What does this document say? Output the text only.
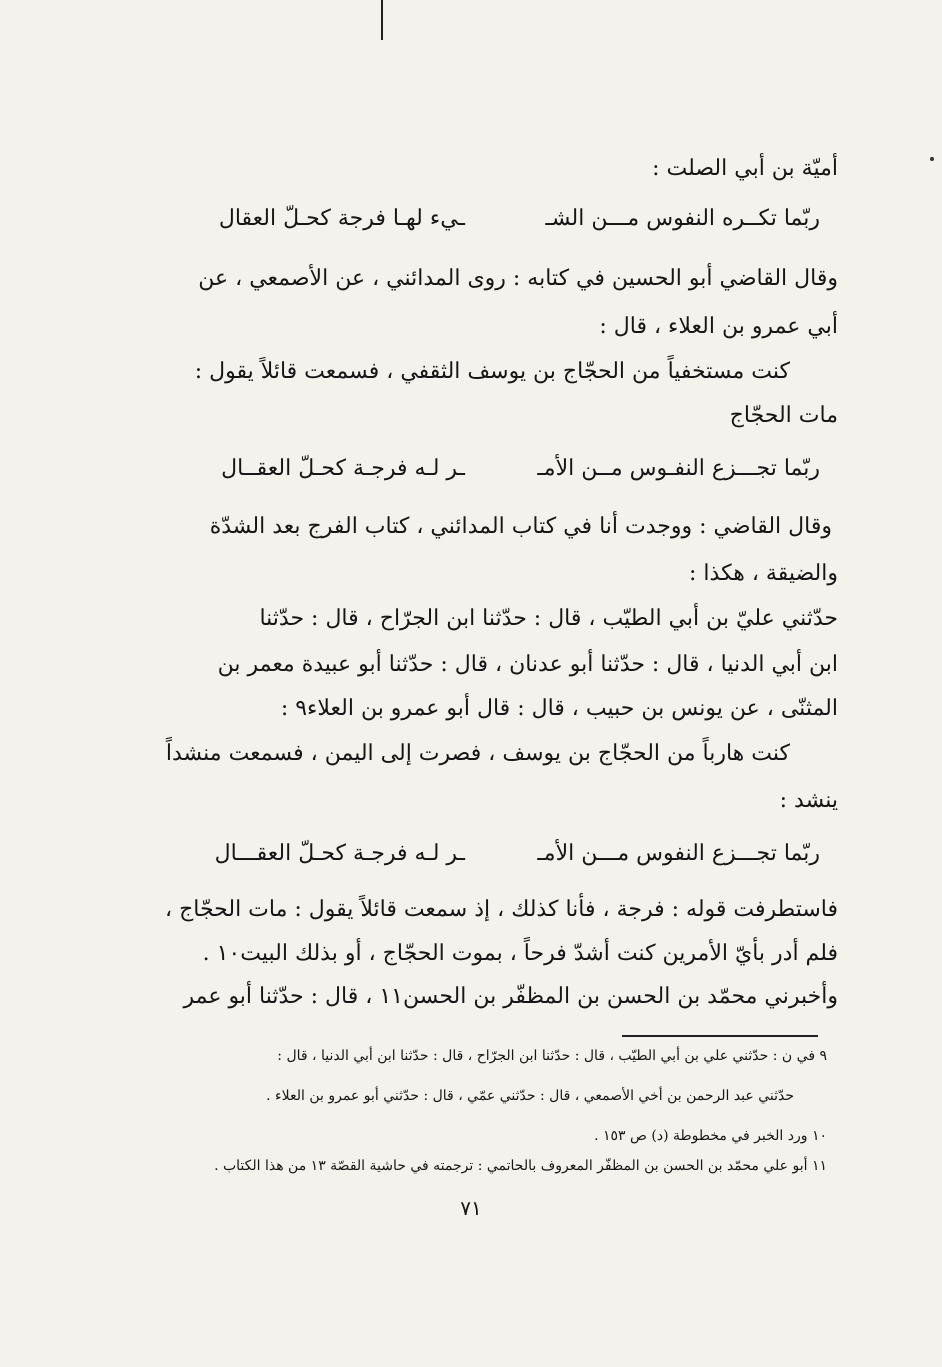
أميّة بن أبي الصلت :
ربّما تكــره النفوس مـــن الشـ
ـيء لهـا فرجة كحـلّ العقال
وقال القاضي أبو الحسين في كتابه : روى المدائني ، عن الأصمعي ، عن
أبي عمرو بن العلاء ، قال :
كنت مستخفياً من الحجّاج بن يوسف الثقفي ، فسمعت قائلاً يقول :
مات الحجّاج
ربّما تجـــزع النفـوس مــن الأمـ
ـر لـه فرجـة كحـلّ العقــال
وقال القاضي : ووجدت أنا في كتاب المدائني ، كتاب الفرج بعد الشدّة
والضيقة ، هكذا :
حدّثني عليّ بن أبي الطيّب ، قال : حدّثنا ابن الجرّاح ، قال : حدّثنا
ابن أبي الدنيا ، قال : حدّثنا أبو عدنان ، قال : حدّثنا أبو عبيدة معمر بن
المثنّى ، عن يونس بن حبيب ، قال : قال أبو عمرو بن العلاء٩ :
كنت هارباً من الحجّاج بن يوسف ، فصرت إلى اليمن ، فسمعت منشداً
ينشد :
ربّما تجـــزع النفوس مـــن الأمـ
ـر لـه فرجـة كحـلّ العقـــال
فاستطرفت قوله : فرجة ، فأنا كذلك ، إذ سمعت قائلاً يقول : مات الحجّاج ،
فلم أدر بأيّ الأمرين كنت أشدّ فرحاً ، بموت الحجّاج ، أو بذلك البيت١٠ .
وأخبرني محمّد بن الحسن بن المظفّر بن الحسن١١ ، قال : حدّثنا أبو عمر
٩ في ن : حدّثني علي بن أبي الطيّب ، قال : حدّثنا ابن الجرّاح ، قال : حدّثنا ابن أبي الدنيا ، قال :
حدّثني عبد الرحمن بن أخي الأصمعي ، قال : حدّثني عمّي ، قال : حدّثني أبو عمرو بن العلاء .
١٠ ورد الخبر في مخطوطة (د) ص ١٥٣ .
١١ أبو علي محمّد بن الحسن بن المظفّر المعروف بالحاتمي : ترجمته في حاشية القصّة ١٣ من هذا الكتاب .
٧١
